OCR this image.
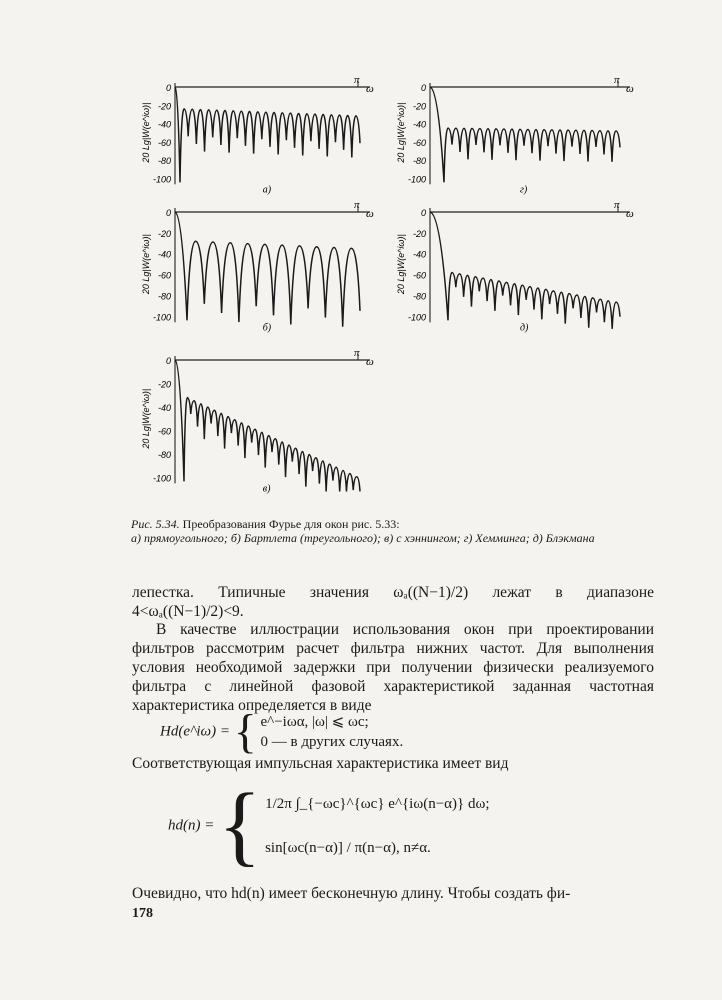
0
-20
-40
-60
-80
-100
π
ω
20 Lg|W(e^iω)|
а)
0
-20
-40
-60
-80
-100
π
ω
20 Lg|W(e^iω)|
г)
0
-20
-40
-60
-80
-100
π
ω
20 Lg|W(e^iω)|
б)
0
-20
-40
-60
-80
-100
π
ω
20 Lg|W(e^iω)|
д)
0
-20
-40
-60
-80
-100
π
ω
20 Lg|W(e^iω)|
в)
Рис. 5.34. Преобразования Фурье для окон рис. 5.33:
а) прямоугольного; б) Бартлета (треугольного); в) с хэннингом; г) Хемминга; д) Блэкмана
лепестка. Типичные значения ωₐ((N−1)/2) лежат в диапазоне
4<ωₐ((N−1)/2)<9.
В качестве иллюстрации использования окон при проектировании фильтров рассмотрим расчет фильтра нижних частот. Для выполнения условия необходимой задержки при получении физически реализуемого фильтра с линейной фазовой характеристикой заданная частотная характеристика определяется в виде
Hd(e^iω) = { e^−iωα, |ω| ⩽ ωc;
0 — в других случаях.
Соответствующая импульсная характеристика имеет вид
hd(n) = { 1/2π ∫_{−ωc}^{ωc} e^{iω(n−α)} dω;
sin[ωc(n−α)] / π(n−α), n≠α.
Очевидно, что hd(n) имеет бесконечную длину. Чтобы создать фи-
178
